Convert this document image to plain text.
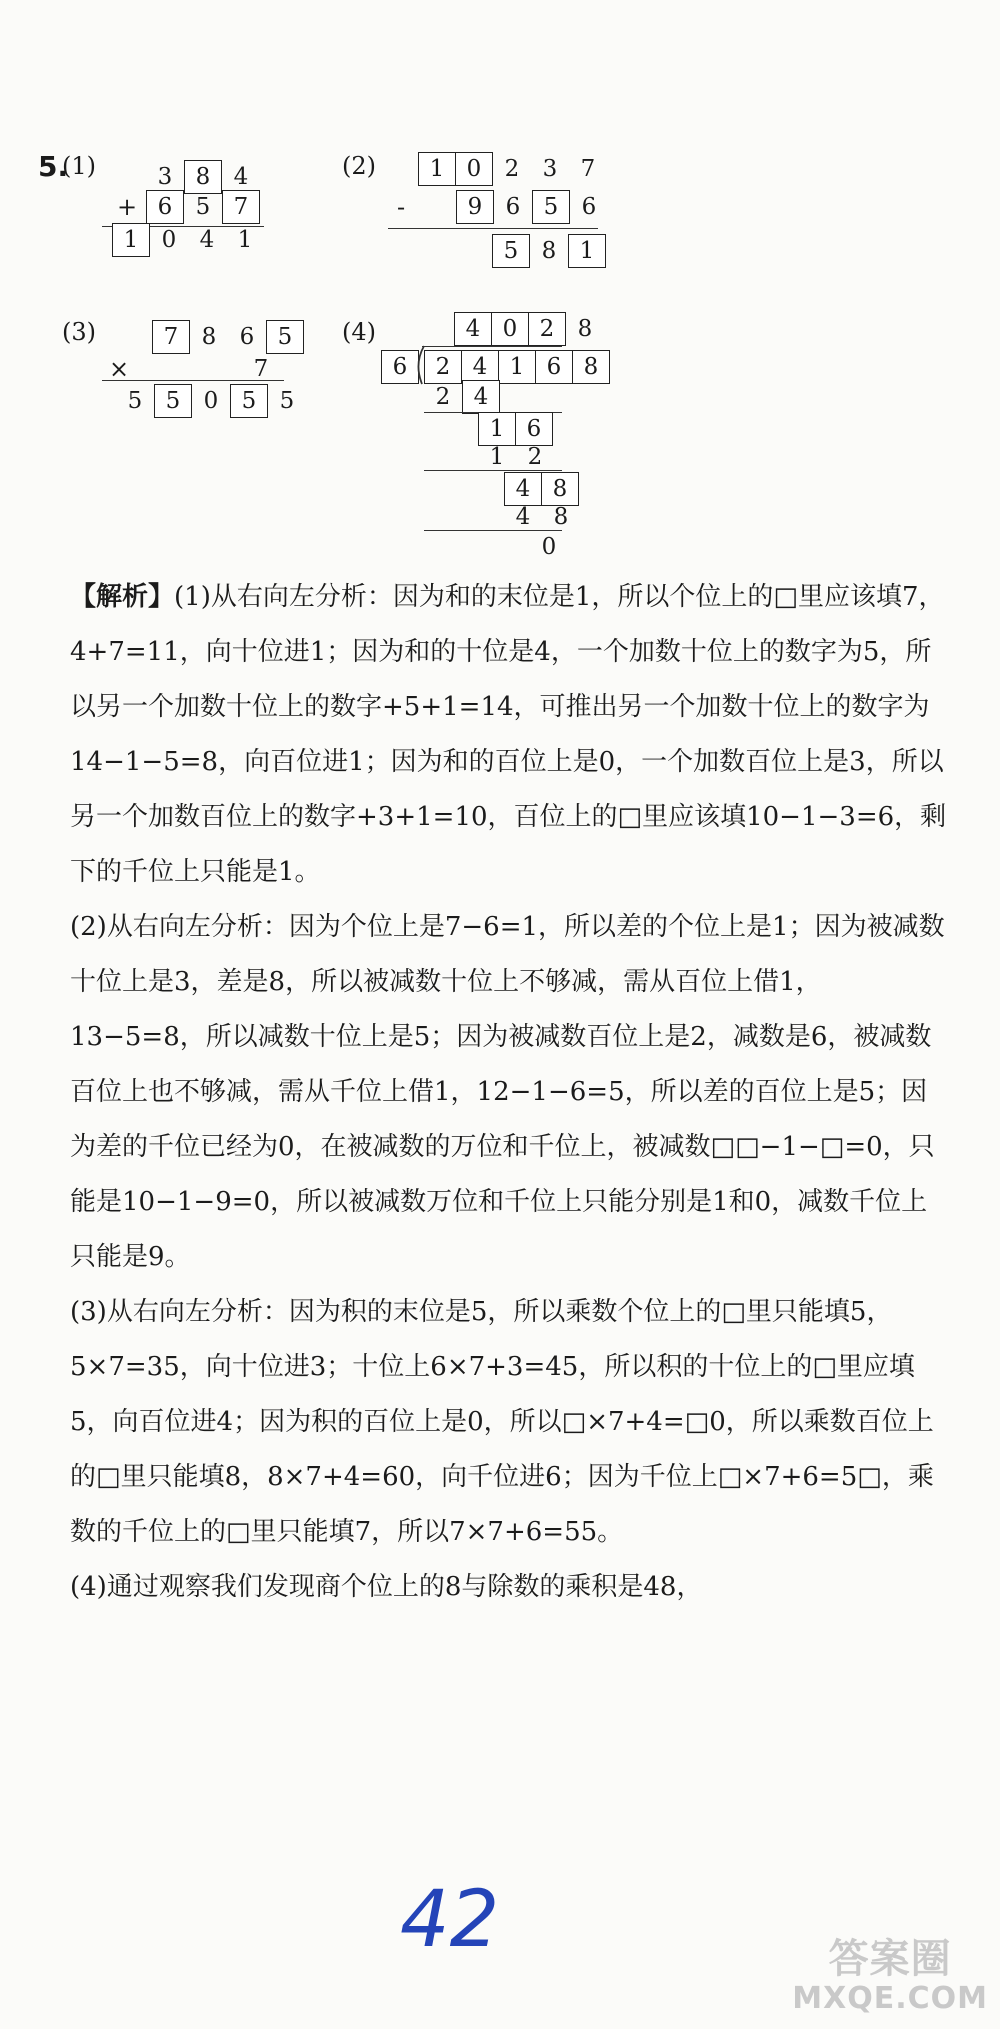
5.
(1)	3	8	4
+ 6	5	7
1	0	4	1
(2)	1 0	2	3	7
-	9	6	5	6
5	8	1
(3)	7	8	6	5
×	7
5	5	0	5	5
(4)	4 0 2	8
6	2 4 1 6 8
2	4
1 6
1	2
4 8
4	8
0
【解析】(1)从右向左分析：因为和的末位是1，所以个位上的□里应该填7，4+7=11，向十位进1；因为和的十位是4，一个加数十位上的数字为5，所以另一个加数十位上的数字+5+1=14，可推出另一个加数十位上的数字为14−1−5=8，向百位进1；因为和的百位上是0，一个加数百位上是3，所以另一个加数百位上的数字+3+1=10，百位上的□里应该填10−1−3=6，剩下的千位上只能是1。
(2)从右向左分析：因为个位上是7−6=1，所以差的个位上是1；因为被减数十位上是3，差是8，所以被减数十位上不够减，需从百位上借1，13−5=8，所以减数十位上是5；因为被减数百位上是2，减数是6，被减数百位上也不够减，需从千位上借1，12−1−6=5，所以差的百位上是5；因为差的千位已经为0，在被减数的万位和千位上，被减数□□−1−□=0，只能是10−1−9=0，所以被减数万位和千位上只能分别是1和0，减数千位上只能是9。
(3)从右向左分析：因为积的末位是5，所以乘数个位上的□里只能填5，5×7=35，向十位进3；十位上6×7+3=45，所以积的十位上的□里应填5，向百位进4；因为积的百位上是0，所以□×7+4=□0，所以乘数百位上的□里只能填8，8×7+4=60，向千位进6；因为千位上□×7+6=5□，乘数的千位上的□里只能填7，所以7×7+6=55。
(4)通过观察我们发现商个位上的8与除数的乘积是48，
42	答案圈
MXQE.COM
